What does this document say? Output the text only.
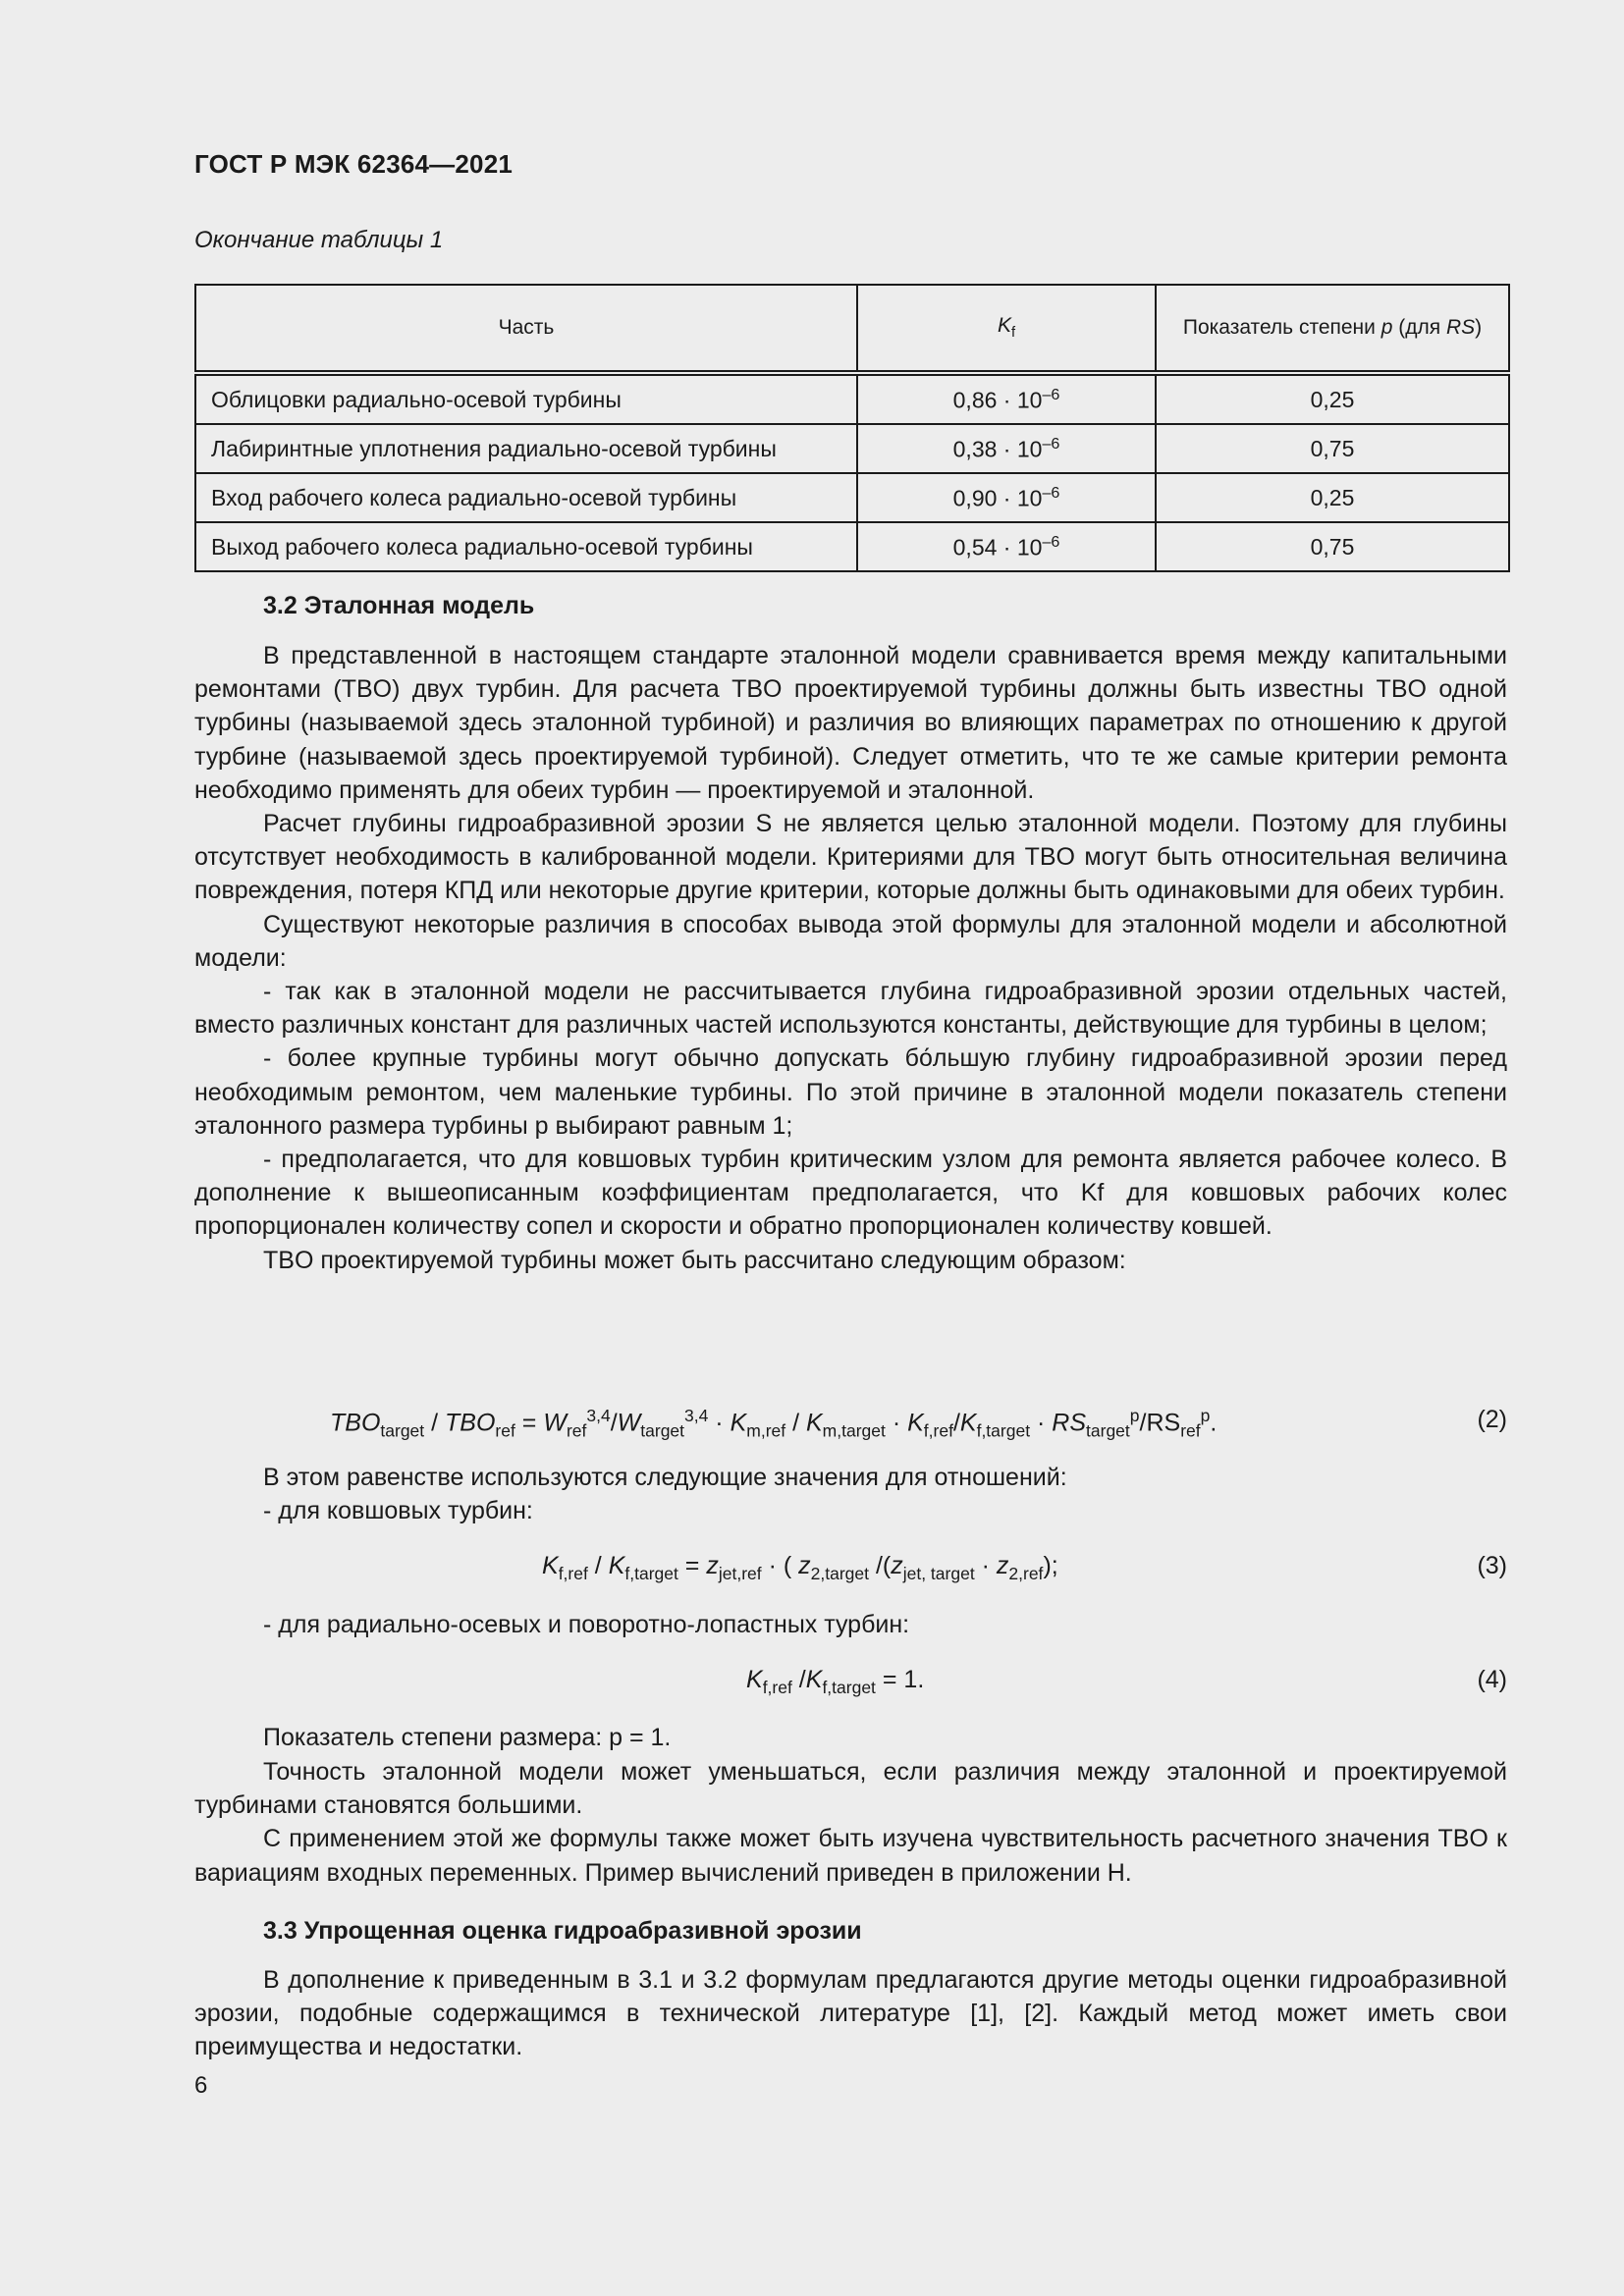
ГОСТ Р МЭК 62364—2021
Окончание таблицы 1
Часть	$K_f$	Показатель степени p (для RS)
Облицовки радиально-осевой турбины	$0,86 \cdot 10^{-6}$	0,25
Лабиринтные уплотнения радиально-осевой турбины	$0,38 \cdot 10^{-6}$	0,75
Вход рабочего колеса радиально-осевой турбины	$0,90 \cdot 10^{-6}$	0,25
Выход рабочего колеса радиально-осевой турбины	$0,54 \cdot 10^{-6}$	0,75
3.2 Эталонная модель

В представленной в настоящем стандарте эталонной модели сравнивается время между капитальными ремонтами (TBO) двух турбин. Для расчета TBO проектируемой турбины должны быть известны TBO одной турбины (называемой здесь эталонной турбиной) и различия во влияющих параметрах по отношению к другой турбине (называемой здесь проектируемой турбиной). Следует отметить, что те же самые критерии ремонта необходимо применять для обеих турбин — проектируемой и эталонной.

Расчет глубины гидроабразивной эрозии S не является целью эталонной модели. Поэтому для глубины отсутствует необходимость в калиброванной модели. Критериями для TBO могут быть относительная величина повреждения, потеря КПД или некоторые другие критерии, которые должны быть одинаковыми для обеих турбин.

Существуют некоторые различия в способах вывода этой формулы для эталонной модели и абсолютной модели:

- так как в эталонной модели не рассчитывается глубина гидроабразивной эрозии отдельных частей, вместо различных констант для различных частей используются константы, действующие для турбины в целом;

- более крупные турбины могут обычно допускать бо́льшую глубину гидроабразивной эрозии перед необходимым ремонтом, чем маленькие турбины. По этой причине в эталонной модели показатель степени эталонного размера турбины p выбирают равным 1;

- предполагается, что для ковшовых турбин критическим узлом для ремонта является рабочее колесо. В дополнение к вышеописанным коэффициентам предполагается, что Kf для ковшовых рабочих колес пропорционален количеству сопел и скорости и обратно пропорционален количеству ковшей.

TBO проектируемой турбины может быть рассчитано следующим образом:

$TBO_{target} / TBO_{ref} = W_{ref}^{3,4}/W_{target}^{3,4} \cdot K_{m,ref} / K_{m,target} \cdot K_{f,ref}/K_{f,target} \cdot RS_{target}^p/RS_{ref}^p$.	(2)
В этом равенстве используются следующие значения для отношений:
- для ковшовых турбин:
$K_{f,ref} / K_{f,target} = z_{jet,ref}$ · ( $z_{2,target}$ $/(z_{jet, target} \cdot z_{2,ref})$;	(3)
- для радиально-осевых и поворотно-лопастных турбин:
$K_{f,ref}$ $/K_{f,target} = 1$.	(4)
Показатель степени размера: p = 1.

Точность эталонной модели может уменьшаться, если различия между эталонной и проектируемой турбинами становятся большими.

С применением этой же формулы также может быть изучена чувствительность расчетного значения TBO к вариациям входных переменных. Пример вычислений приведен в приложении Н.

3.3 Упрощенная оценка гидроабразивной эрозии

В дополнение к приведенным в 3.1 и 3.2 формулам предлагаются другие методы оценки гидроабразивной эрозии, подобные содержащимся в технической литературе [1], [2]. Каждый метод может иметь свои преимущества и недостатки.

6
